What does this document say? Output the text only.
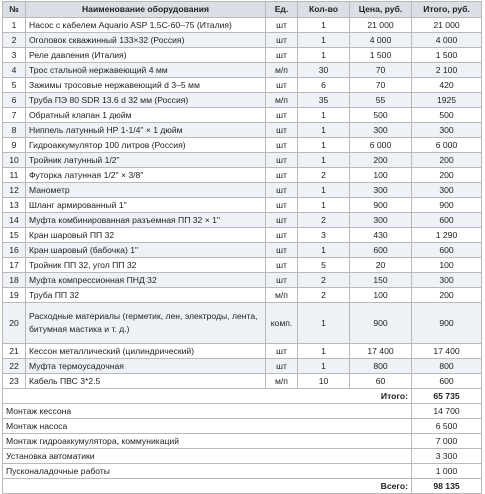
№	Наименование оборудования	Ед.	Кол-во	Цена, руб.	Итого, руб.
1	Насос с кабелем Aquario ASP 1.5C-60–75 (Италия)	шт	1	21 000	21 000
2	Оголовок скважинный 133×32 (Россия)	шт	1	4 000	4 000
3	Реле давления (Италия)	шт	1	1 500	1 500
4	Трос стальной нержавеющий 4 мм	м/п	30	70	2 100
5	Зажимы тросовые нержавеющий d 3–5 мм	шт	6	70	420
6	Труба ПЭ 80 SDR 13.6 d 32 мм (Россия)	м/п	35	55	1925
7	Обратный клапан 1 дюйм	шт	1	500	500
8	Ниппель латунный НР 1-1/4" × 1 дюйм	шт	1	300	300
9	Гидроаккумулятор 100 литров (Россия)	шт	1	6 000	6 000
10	Тройник латунный 1/2"	шт	1	200	200
11	Футорка латунная 1/2" × 3/8"	шт	2	100	200
12	Манометр	шт	1	300	300
13	Шланг армированный 1"	шт	1	900	900
14	Муфта комбинированная разъемная ПП 32 × 1"	шт	2	300	600
15	Кран шаровый ПП 32	шт	3	430	1 290
16	Кран шаровый (бабочка) 1"	шт	1	600	600
17	Тройник ПП 32, угол ПП 32	шт	5	20	100
18	Муфта компрессионная ПНД 32	шт	2	150	300
19	Труба ПП 32	м/п	2	100	200
20	Расходные материалы (герметик, лен, электроды, лента, битумная мастика и т. д.)	комп.	1	900	900
21	Кессон металлический (цилиндрический)	шт	1	17 400	17 400
22	Муфта термоусадочная	шт	1	800	800
23	Кабель ПВС 3*2.5	м/п	10	60	600
Итого:					65 735
Монтаж кессона					14 700
Монтаж насоса					6 500
Монтаж гидроаккумулятора, коммуникаций					7 000
Установка автоматики					3 300
Пусконаладочные работы					1 000
Всего:					98 135
